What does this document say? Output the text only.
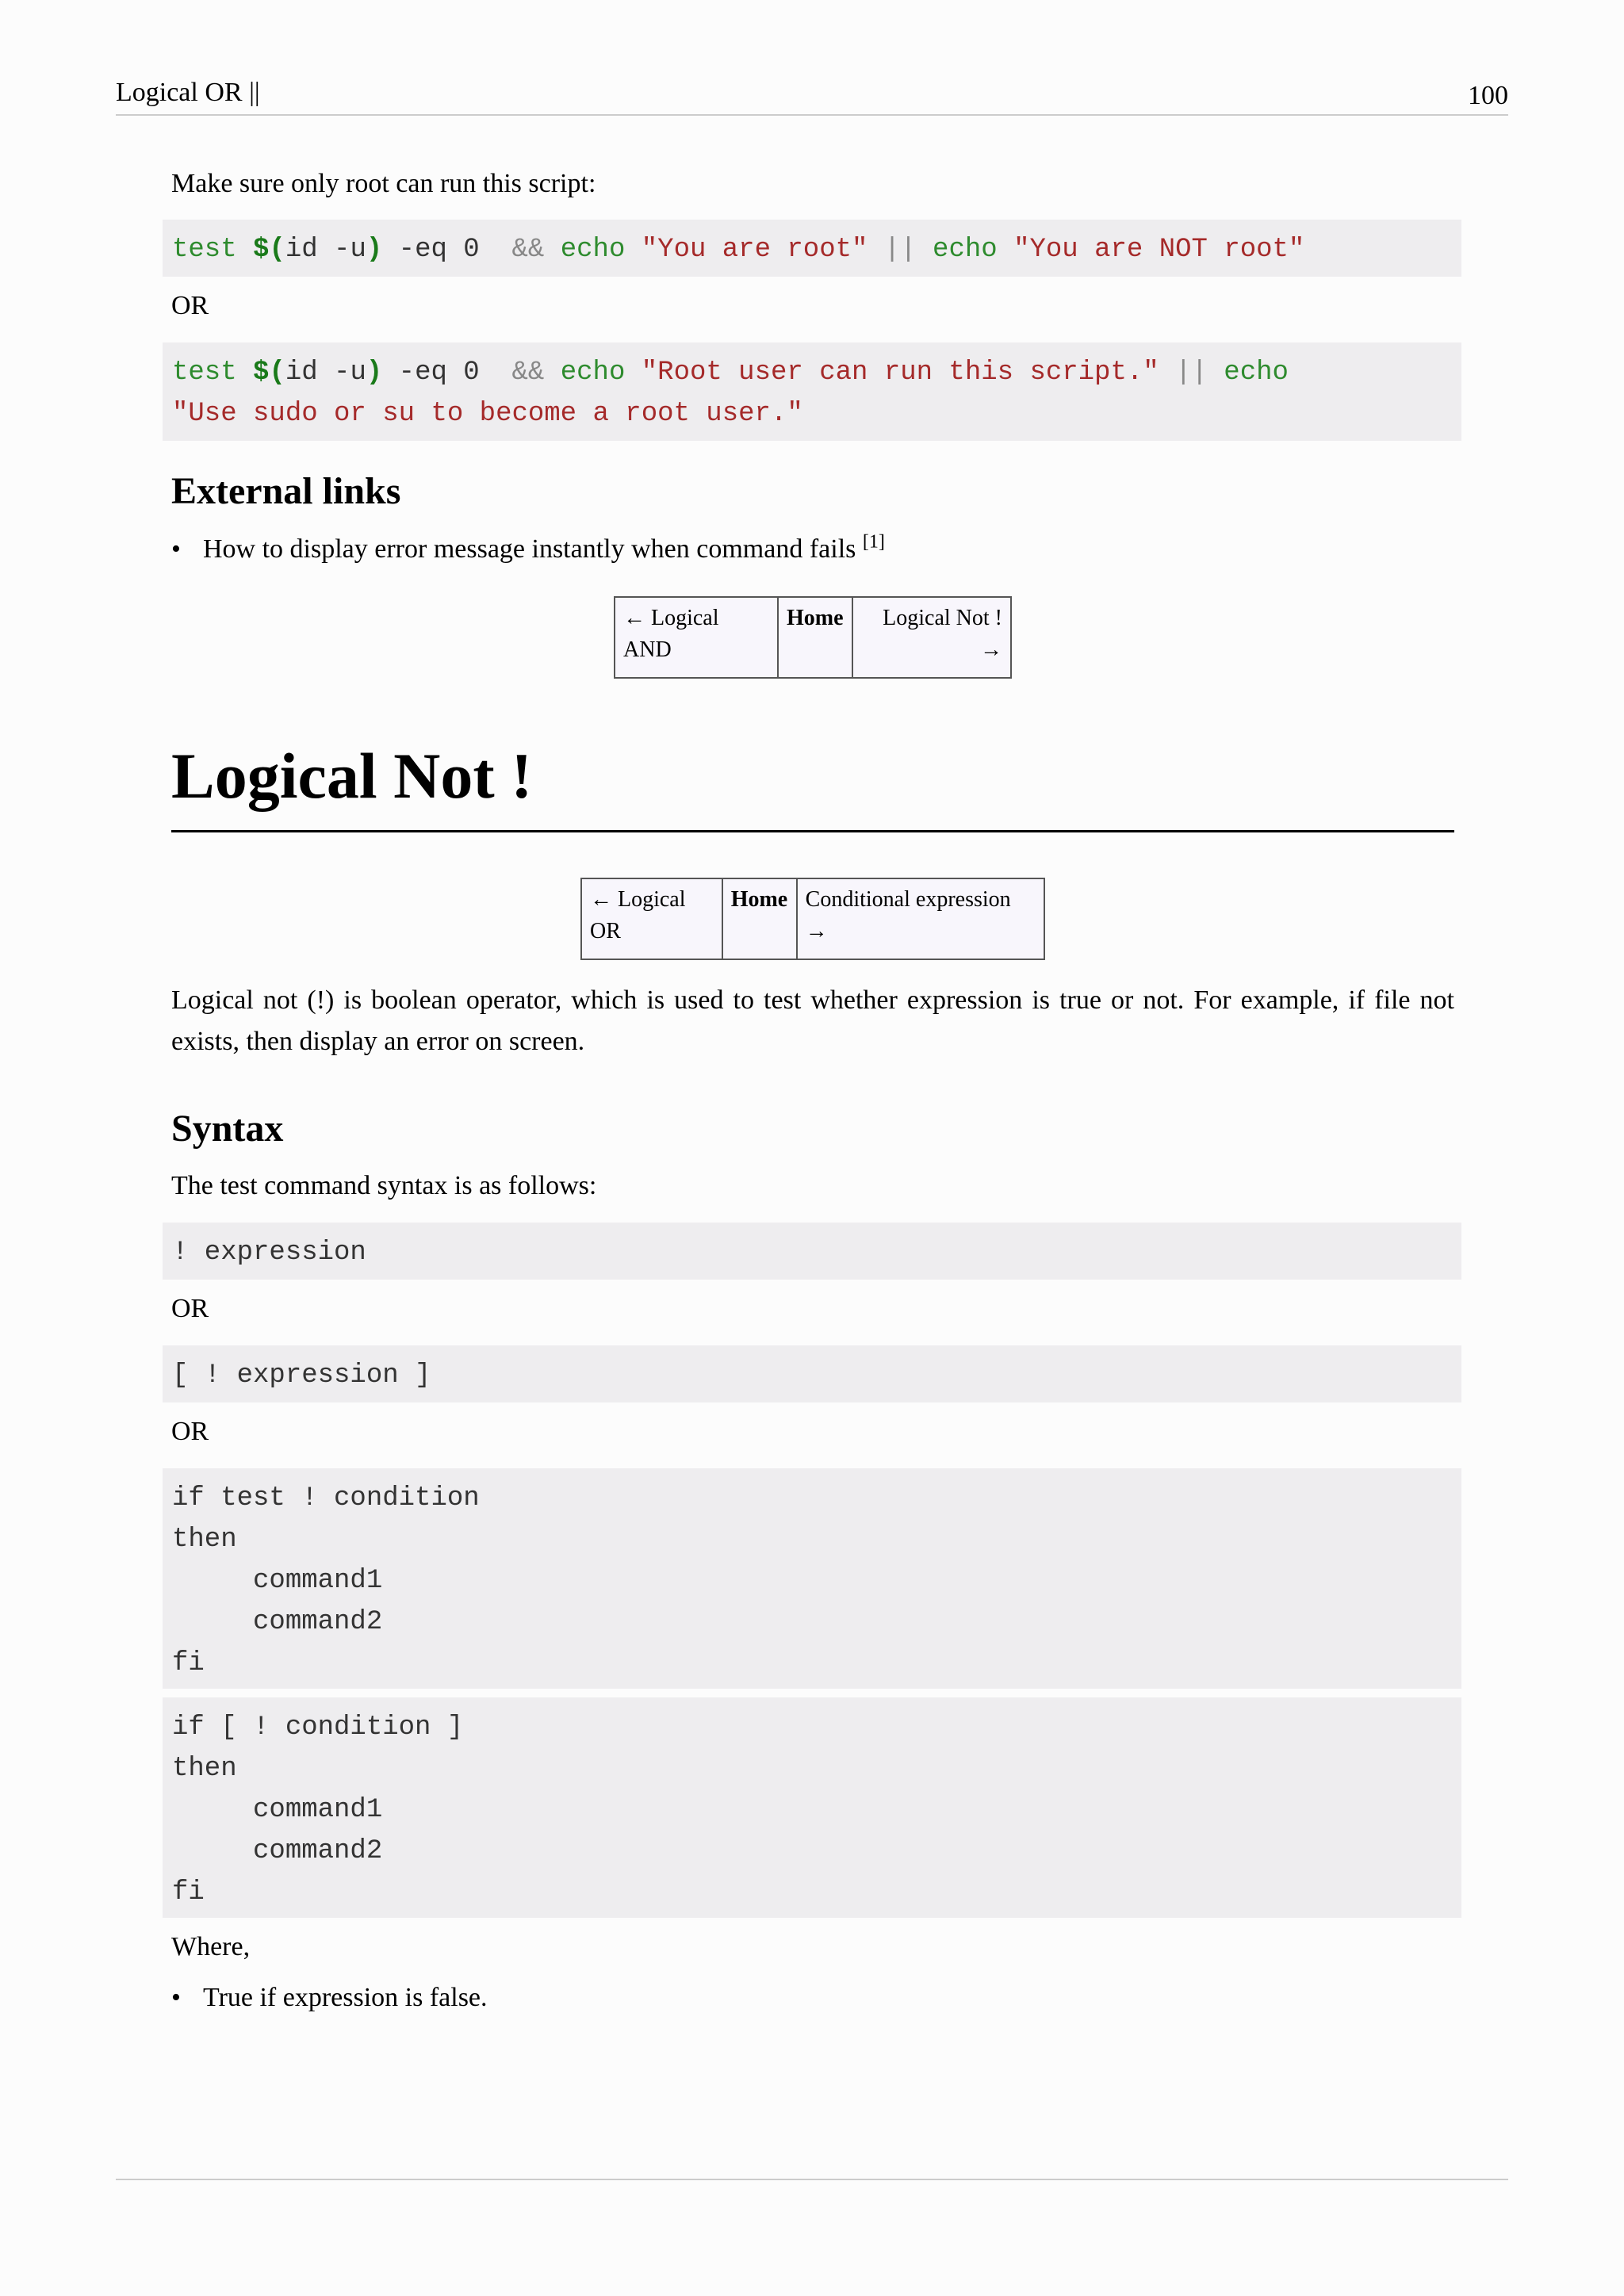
Logical OR ||	100
Make sure only root can run this script:
test $(id -u) -eq 0  && echo "You are root" || echo "You are NOT root"
OR
test $(id -u) -eq 0  && echo "Root user can run this script." || echo
"Use sudo or su to become a root user."
External links
• How to display error message instantly when command fails [1]
← Logical AND	Home	Logical Not ! →
Logical Not !
← Logical OR	Home	Conditional expression →
Logical not (!) is boolean operator, which is used to test whether expression is true or not. For example, if file not exists, then display an error on screen.
Syntax
The test command syntax is as follows:
! expression
OR
[ ! expression ]
OR
if test ! condition
then
command1
command2
fi
if [ ! condition ]
then
command1
command2
fi
Where,
• True if expression is false.
